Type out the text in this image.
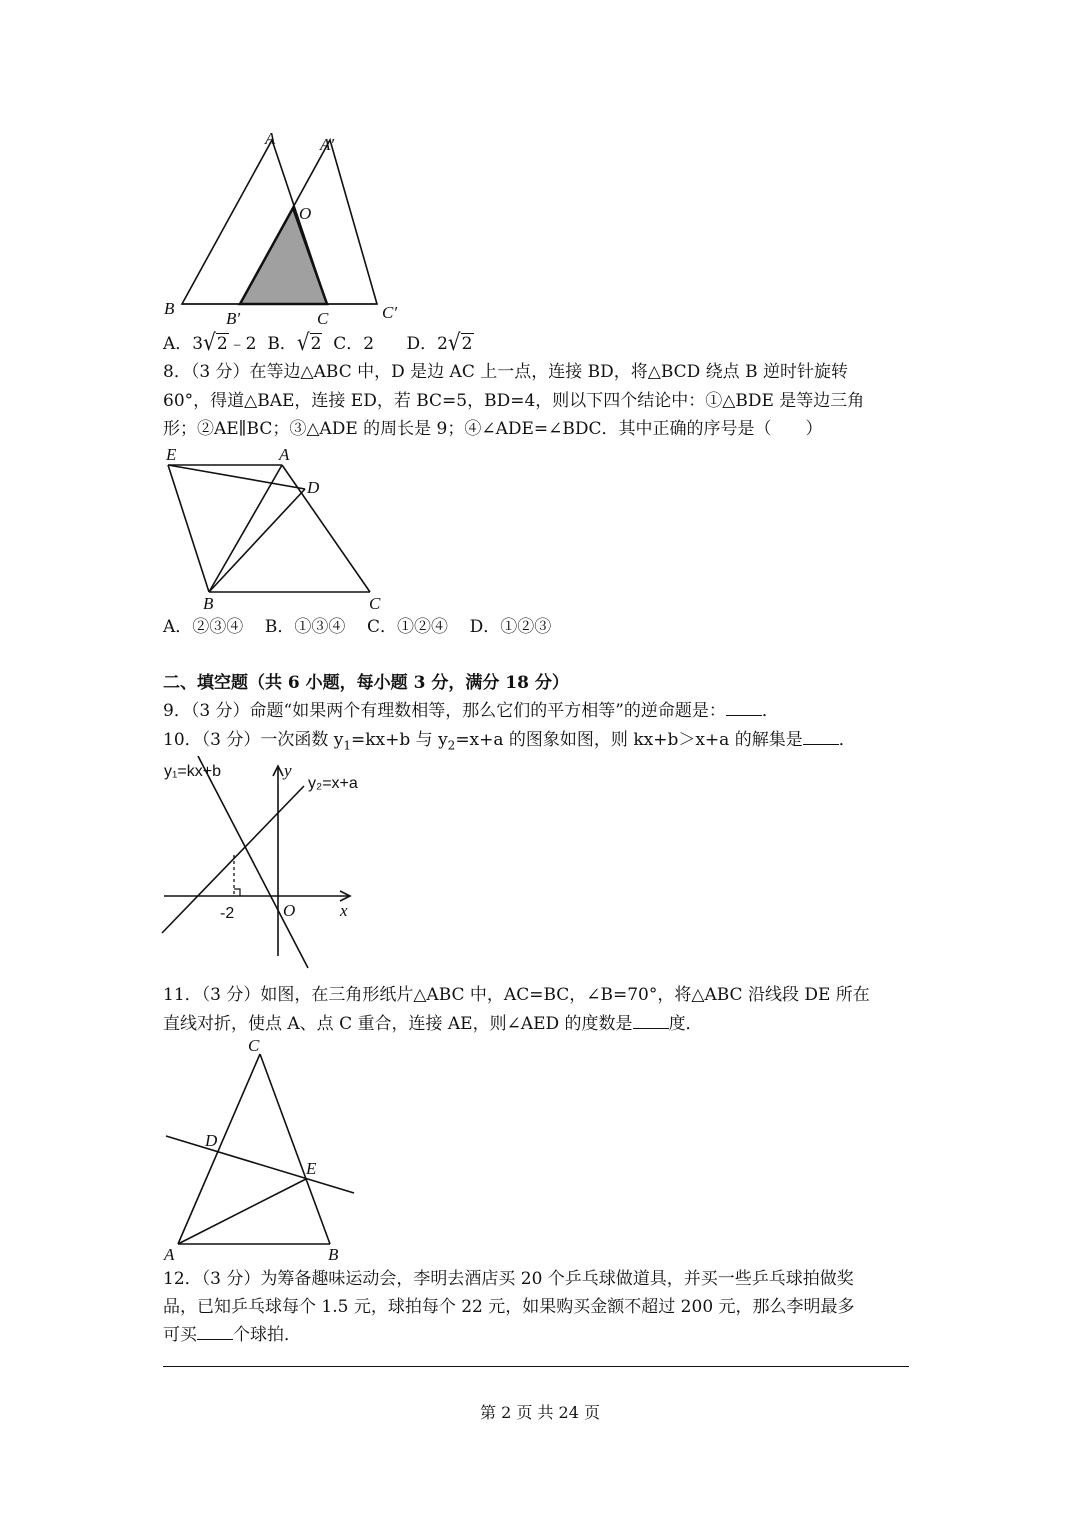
A	A′
O
B
B′	C	C′
A．3√2﹣2 B．√2 C．2 D．2√2
8．（3 分）在等边△ABC 中，D 是边 AC 上一点，连接 BD，将△BCD 绕点 B 逆时针旋转
60°，得道△BAE，连接 ED，若 BC=5，BD=4，则以下四个结论中：①△BDE 是等边三角
形；②AE∥BC；③△ADE 的周长是 9；④∠ADE=∠BDC．其中正确的序号是（　　）
E	A
D
B	C
A．②③④ B．①③④ C．①②④ D．①②③
二、填空题（共 6 小题，每小题 3 分，满分 18 分）
9．（3 分）命题“如果两个有理数相等，那么它们的平方相等”的逆命题是： ．
10．（3 分）一次函数 $y_1=kx+b$ 与 $y_2=x+a$ 的图象如图，则 kx+b＞x+a 的解集是 ．
y₁=kx+b
y₂=x+a
y
x
O
-2
11．（3 分）如图，在三角形纸片△ABC 中，AC=BC，∠B=70°，将△ABC 沿线段 DE 所在
直线对折，使点 A、点 C 重合，连接 AE，则∠AED 的度数是 度．
C
D
E
A	B
12．（3 分）为筹备趣味运动会，李明去酒店买 20 个乒乓球做道具，并买一些乒乓球拍做奖
品，已知乒乓球每个 1.5 元，球拍每个 22 元，如果购买金额不超过 200 元，那么李明最多
可买 个球拍．
第 2 页 共 24 页
